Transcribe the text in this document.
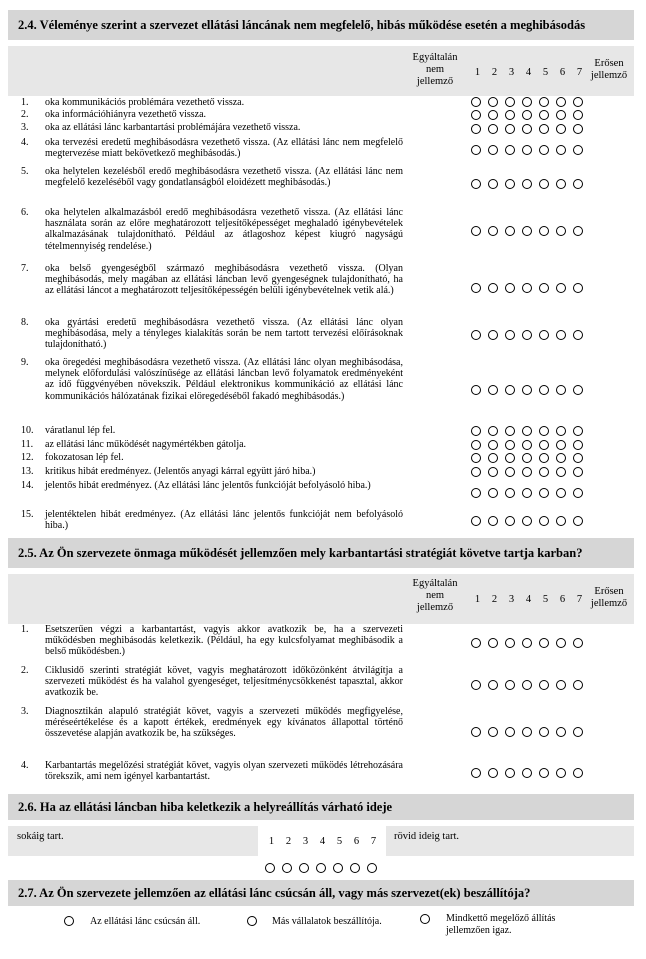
2.4. Véleménye szerint a szervezet ellátási láncának nem megfelelő, hibás működése esetén a meghibásodás
Egyáltalán nem jellemző
Erősen jellemző
1	2	3	4	5	6	7
1. oka kommunikációs problémára vezethető vissza.
2. oka információhiányra vezethető vissza.
3. oka az ellátási lánc karbantartási problémájára vezethető vissza.
4. oka tervezési eredetű meghibásodásra vezethető vissza. (Az ellátási lánc nem megfelelő megtervezése miatt bekövetkező meghibásodás.)
5. oka helytelen kezelésből eredő meghibásodásra vezethető vissza. (Az ellátási lánc nem megfelelő kezeléséből vagy gondatlanságból eloidézett meghibásodás.)
6. oka helytelen alkalmazásból eredő meghibásodásra vezethető vissza. (Az ellátási lánc használata során az előre meghatározott teljesítőképességet meghaladó igénybevételek alkalmazásának tulajdonítható. Például az átlagoshoz képest kiugró nagyságú tételmennyiség rendelése.)
7. oka belső gyengeségből származó meghibásodásra vezethető vissza. (Olyan meghibásodás, mely magában az ellátási láncban levő gyengeségnek tulajdonítható, ha az ellátási láncot a meghatározott teljesítőképességén belüli igénybevételnek vetik alá.)
8. oka gyártási eredetű meghibásodásra vezethető vissza. (Az ellátási lánc olyan meghibásodása, mely a tényleges kialakítás során be nem tartott tervezési előírásoknak tulajdonítható.)
9. oka öregedési meghibásodásra vezethető vissza. (Az ellátási lánc olyan meghibásodása, melynek előfordulási valószínűsége az ellátási láncban levő folyamatok eredményeként az idő függvényében növekszik. Például elektronikus kommunikáció az ellátási lánc kommunikációs hálózatának fizikai elöregedéséből fakadó meghibásodás.)
10. váratlanul lép fel.
11. az ellátási lánc működését nagymértékben gátolja.
12. fokozatosan lép fel.
13. kritikus hibát eredményez. (Jelentős anyagi kárral együtt járó hiba.)
14. jelentős hibát eredményez. (Az ellátási lánc jelentős funkcióját befolyásoló hiba.)
15. jelentéktelen hibát eredményez. (Az ellátási lánc jelentős funkcióját nem befolyásoló hiba.)
2.5. Az Ön szervezete önmaga működését jellemzően mely karbantartási stratégiát követve tartja karban?
Egyáltalán nem jellemző
Erősen jellemző
1	2	3	4	5	6	7
1. Esetszerűen végzi a karbantartást, vagyis akkor avatkozik be, ha a szervezeti működésben meghibásodás keletkezik. (Például, ha egy kulcsfolyamat meghibásodik a belső működésben.)
2. Ciklusidő szerinti stratégiát követ, vagyis meghatározott időközönként átvilágítja a szervezeti működést és ha valahol gyengeséget, teljesítménycsökkenést tapasztal, akkor avatkozik be.
3. Diagnosztikán alapuló stratégiát követ, vagyis a szervezeti működés megfigyelése, méréseértékelése és a kapott értékek, eredmények egy kívánatos állapottal történő összevetése alapján avatkozik be, ha szükséges.
4. Karbantartás megelőzési stratégiát követ, vagyis olyan szervezeti működés létrehozására törekszik, ami nem igényel karbantartást.
2.6. Ha az ellátási láncban hiba keletkezik a helyreállítás várható ideje
sokáig tart.	rövid ideig tart.
1	2	3	4	5	6	7
2.7. Az Ön szervezete jellemzően az ellátási lánc csúcsán áll, vagy más szervezet(ek) beszállítója?
Az ellátási lánc csúcsán áll.	Más vállalatok beszállítója.	Mindkettő megelőző állítás jellemzően igaz.
